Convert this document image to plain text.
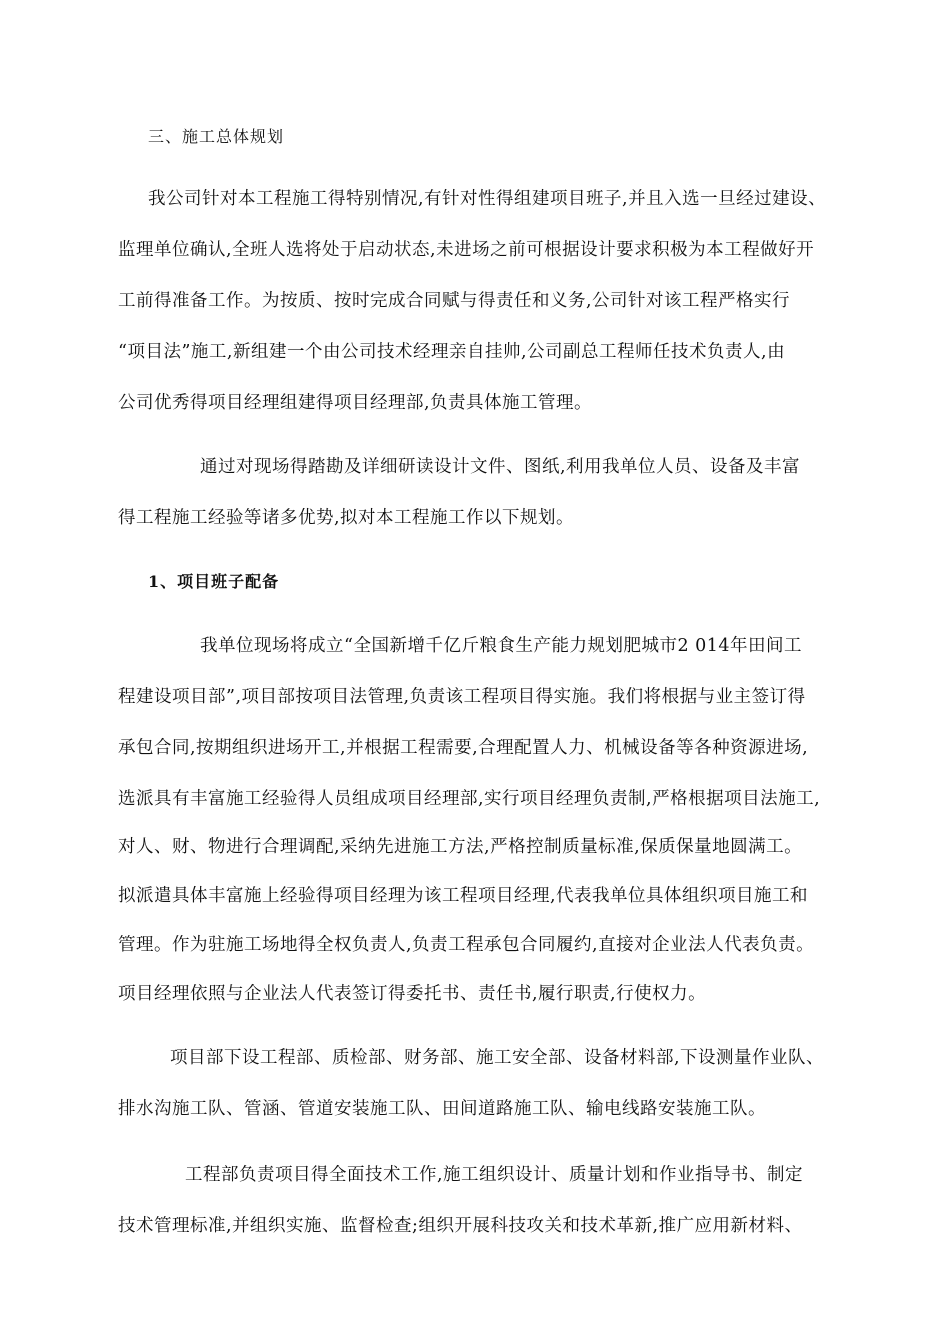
三、施工总体规划
我公司针对本工程施工得特别情况,有针对性得组建项目班子,并且入选一旦经过建设、
监理单位确认,全班人选将处于启动状态,未进场之前可根据设计要求积极为本工程做好开
工前得准备工作。为按质、按时完成合同赋与得责任和义务,公司针对该工程严格实行
“项目法”施工,新组建一个由公司技术经理亲自挂帅,公司副总工程师任技术负责人,由
公司优秀得项目经理组建得项目经理部,负责具体施工管理。
通过对现场得踏勘及详细研读设计文件、图纸,利用我单位人员、设备及丰富
得工程施工经验等诸多优势,拟对本工程施工作以下规划。
1、项目班子配备
我单位现场将成立“全国新增千亿斤粮食生产能力规划肥城市2 014年田间工
程建设项目部”,项目部按项目法管理,负责该工程项目得实施。我们将根据与业主签订得
承包合同,按期组织进场开工,并根据工程需要,合理配置人力、机械设备等各种资源进场,
选派具有丰富施工经验得人员组成项目经理部,实行项目经理负责制,严格根据项目法施工,
对人、财、物进行合理调配,采纳先进施工方法,严格控制质量标准,保质保量地圆满工。
拟派遣具体丰富施上经验得项目经理为该工程项目经理,代表我单位具体组织项目施工和
管理。作为驻施工场地得全权负责人,负责工程承包合同履约,直接对企业法人代表负责。
项目经理依照与企业法人代表签订得委托书、责任书,履行职责,行使权力。
项目部下设工程部、质检部、财务部、施工安全部、设备材料部,下设测量作业队、
排水沟施工队、管涵、管道安装施工队、田间道路施工队、输电线路安装施工队。
工程部负责项目得全面技术工作,施工组织设计、质量计划和作业指导书、制定
技术管理标准,并组织实施、监督检查;组织开展科技攻关和技术革新,推广应用新材料、
